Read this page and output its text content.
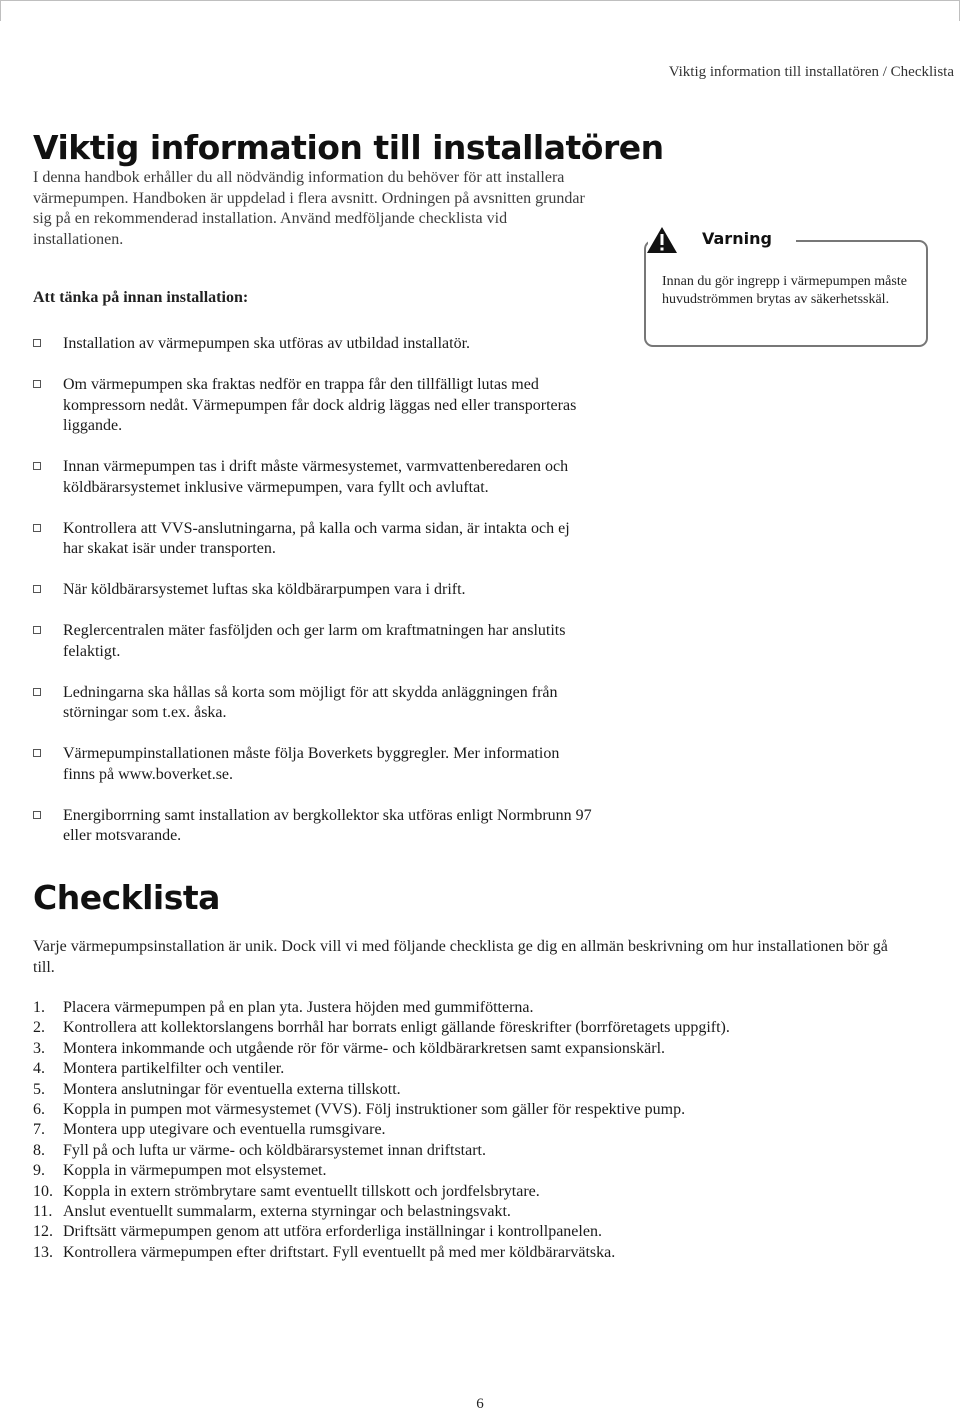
Viktig information till installatören / Checklista
Viktig information till installatören

I denna handbok erhåller du all nödvändig information du behöver för att installera värmepumpen. Handboken är uppdelad i flera avsnitt. Ordningen på avsnitten grundar sig på en rekommenderad installation. Använd medföljande checklista vid installationen.

Att tänka på innan installation:

Installation av värmepumpen ska utföras av utbildad installatör.
Om värmepumpen ska fraktas nedför en trappa får den tillfälligt lutas med kompressorn nedåt. Värmepumpen får dock aldrig läggas ned eller transporteras liggande.
Innan värmepumpen tas i drift måste värmesystemet, varmvattenberedaren och köldbärarsystemet inklusive värmepumpen, vara fyllt och avluftat.
Kontrollera att VVS-anslutningarna, på kalla och varma sidan, är intakta och ej har skakat isär under transporten.
När köldbärarsystemet luftas ska köldbärarpumpen vara i drift.
Reglercentralen mäter fasföljden och ger larm om kraftmatningen har anslutits felaktigt.
Ledningarna ska hållas så korta som möjligt för att skydda anläggningen från störningar som t.ex. åska.
Värmepumpinstallationen måste följa Boverkets byggregler. Mer information finns på www.boverket.se.
Energiborrning samt installation av bergkollektor ska utföras enligt Normbrunn 97 eller motsvarande.
Varning
Innan du gör ingrepp i värmepumpen måste huvudströmmen brytas av säkerhetsskäl.
Checklista

Varje värmepumpsinstallation är unik. Dock vill vi med följande checklista ge dig en allmän beskrivning om hur installationen bör gå till.

1. Placera värmepumpen på en plan yta. Justera höjden med gummifötterna.
2. Kontrollera att kollektorslangens borrhål har borrats enligt gällande föreskrifter (borrföretagets uppgift).
3. Montera inkommande och utgående rör för värme- och köldbärarkretsen samt expansionskärl.
4. Montera partikelfilter och ventiler.
5. Montera anslutningar för eventuella externa tillskott.
6. Koppla in pumpen mot värmesystemet (VVS). Följ instruktioner som gäller för respektive pump.
7. Montera upp utegivare och eventuella rumsgivare.
8. Fyll på och lufta ur värme- och köldbärarsystemet innan driftstart.
9. Koppla in värmepumpen mot elsystemet.
10. Koppla in extern strömbrytare samt eventuellt tillskott och jordfelsbrytare.
11. Anslut eventuellt summalarm, externa styrningar och belastningsvakt.
12. Driftsätt värmepumpen genom att utföra erforderliga inställningar i kontrollpanelen.
13. Kontrollera värmepumpen efter driftstart. Fyll eventuellt på med mer köldbärarvätska.
6
